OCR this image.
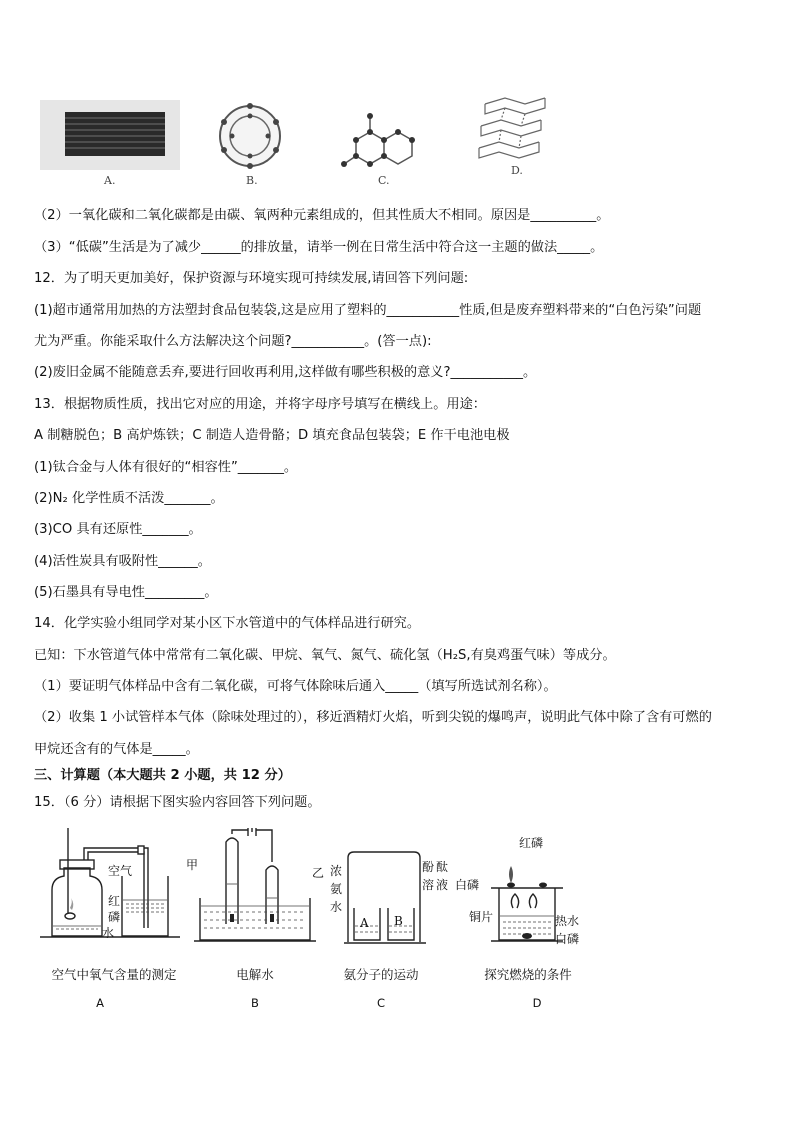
A.	B.	C.
D.
（2）一氧化碳和二氧化碳都是由碳、氧两种元素组成的，但其性质大不相同。原因是__________。
（3）“低碳”生活是为了减少______的排放量，请举一例在日常生活中符合这一主题的做法_____。
12．为了明天更加美好，保护资源与环境实现可持续发展,请回答下列问题:
(1)超市通常用加热的方法塑封食品包装袋,这是应用了塑料的___________性质,但是废弃塑料带来的“白色污染”问题
尤为严重。你能采取什么方法解决这个问题?___________。(答一点):
(2)废旧金属不能随意丢弃,要进行回收再利用,这样做有哪些积极的意义?___________。
13．根据物质性质，找出它对应的用途，并将字母序号填写在横线上。用途：
A 制糖脱色；B 高炉炼铁；C 制造人造骨骼；D 填充食品包装袋；E 作干电池电极
(1)钛合金与人体有很好的“相容性”_______。
(2)N₂ 化学性质不活泼_______。
(3)CO 具有还原性_______。
(4)活性炭具有吸附性______。
(5)石墨具有导电性_________。
14．化学实验小组同学对某小区下水管道中的气体样品进行研究。
已知：下水管道气体中常常有二氧化碳、甲烷、氧气、氮气、硫化氢（H₂S,有臭鸡蛋气味）等成分。
（1）要证明气体样品中含有二氧化碳，可将气体除味后通入_____（填写所选试剂名称）。
（2）收集 1 小试管样本气体（除味处理过的），移近酒精灯火焰，听到尖锐的爆鸣声，说明此气体中除了含有可燃的
甲烷还含有的气体是_____。
三、计算题（本大题共 2 小题，共 12 分）
15．（6 分）请根据下图实验内容回答下列问题。
空气
红
磷
水
空气中氧气含量的测定
A
甲
乙
电解水
B
浓
氨
水
酚 酞
溶 液
A B
氨分子的运动
C
红磷
白磷
铜片	热水
白磷
探究燃烧的条件
D
